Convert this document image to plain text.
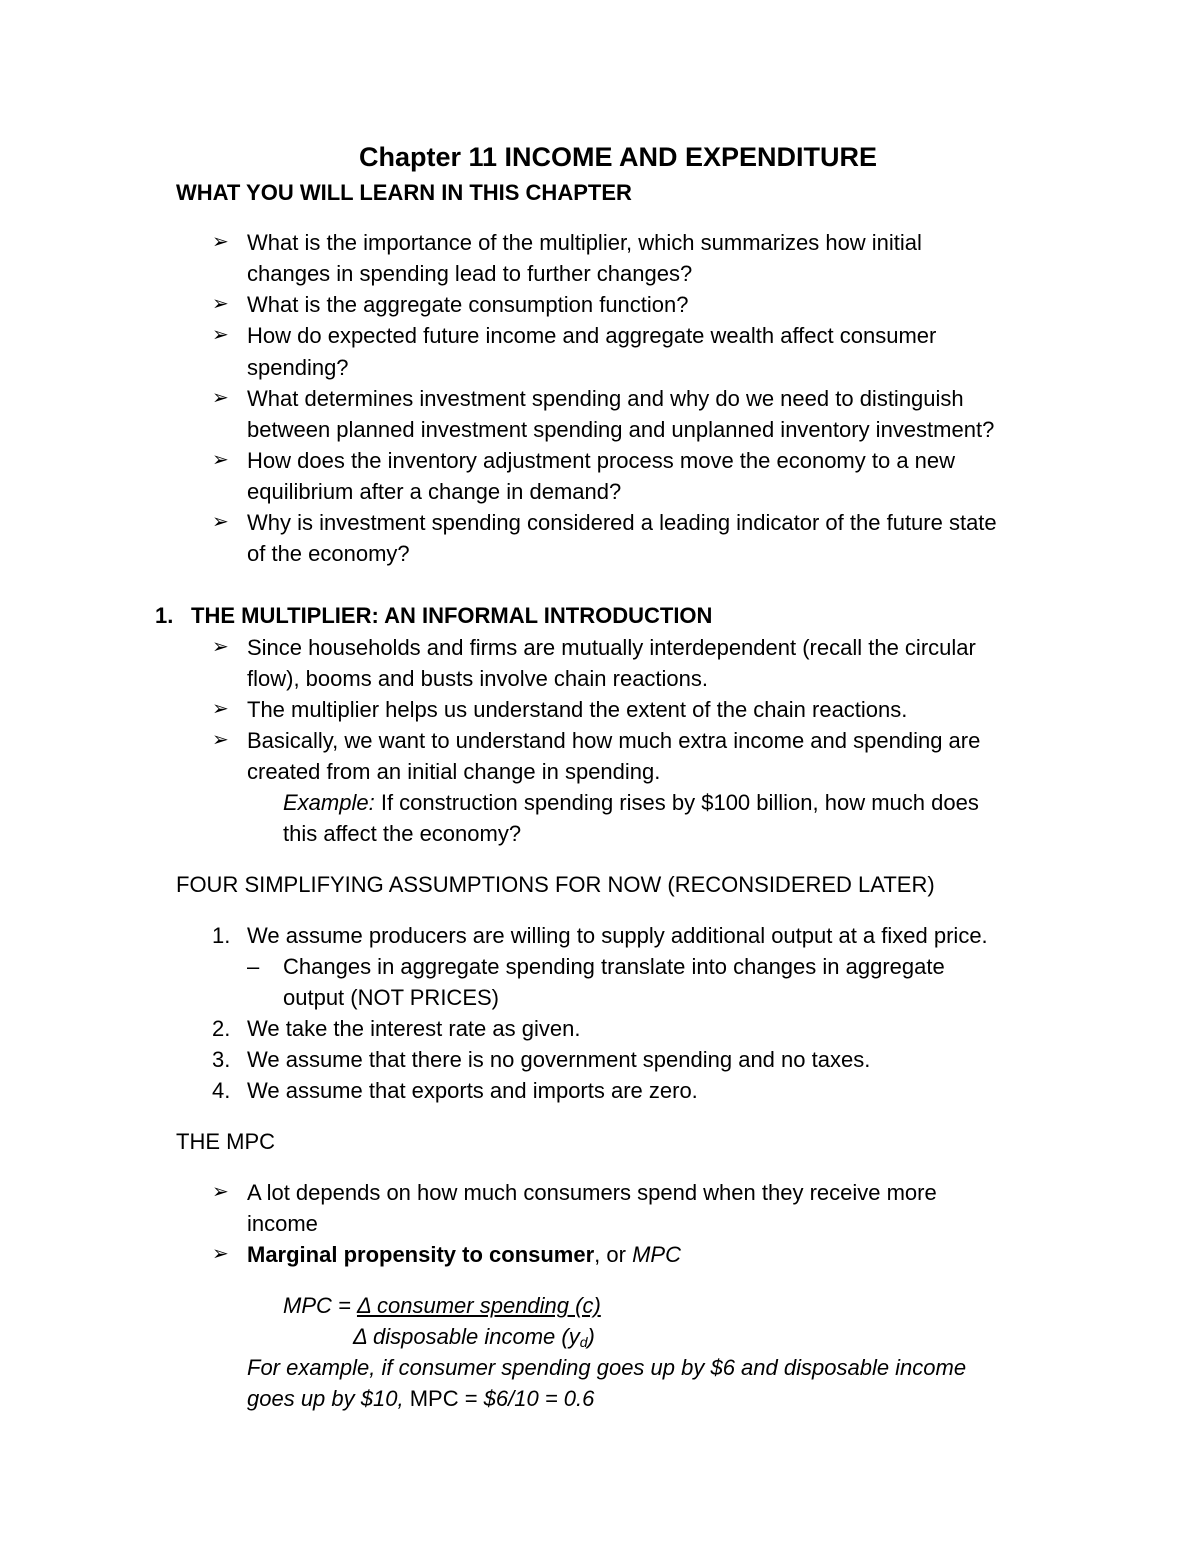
Chapter 11 INCOME AND EXPENDITURE
WHAT YOU WILL LEARN IN THIS CHAPTER
➢ What is the importance of the multiplier, which summarizes how initial
changes in spending lead to further changes?
➢ What is the aggregate consumption function?
➢ How do expected future income and aggregate wealth affect consumer
spending?
➢ What determines investment spending and why do we need to distinguish
between planned investment spending and unplanned inventory investment?
➢ How does the inventory adjustment process move the economy to a new
equilibrium after a change in demand?
➢ Why is investment spending considered a leading indicator of the future state
of the economy?
1. THE MULTIPLIER: AN INFORMAL INTRODUCTION
➢ Since households and firms are mutually interdependent (recall the circular
flow), booms and busts involve chain reactions.
➢ The multiplier helps us understand the extent of the chain reactions.
➢ Basically, we want to understand how much extra income and spending are
created from an initial change in spending.
Example: If construction spending rises by $100 billion, how much does
this affect the economy?
FOUR SIMPLIFYING ASSUMPTIONS FOR NOW (RECONSIDERED LATER)
1. We assume producers are willing to supply additional output at a fixed price.
– Changes in aggregate spending translate into changes in aggregate
output (NOT PRICES)
2. We take the interest rate as given.
3. We assume that there is no government spending and no taxes.
4. We assume that exports and imports are zero.
THE MPC
➢ A lot depends on how much consumers spend when they receive more
income
➢ Marginal propensity to consumer, or MPC
MPC = Δ consumer spending (c)
Δ disposable income $(y_d)$
For example, if consumer spending goes up by $6 and disposable income
goes up by $10, MPC = $6/10 = 0.6
